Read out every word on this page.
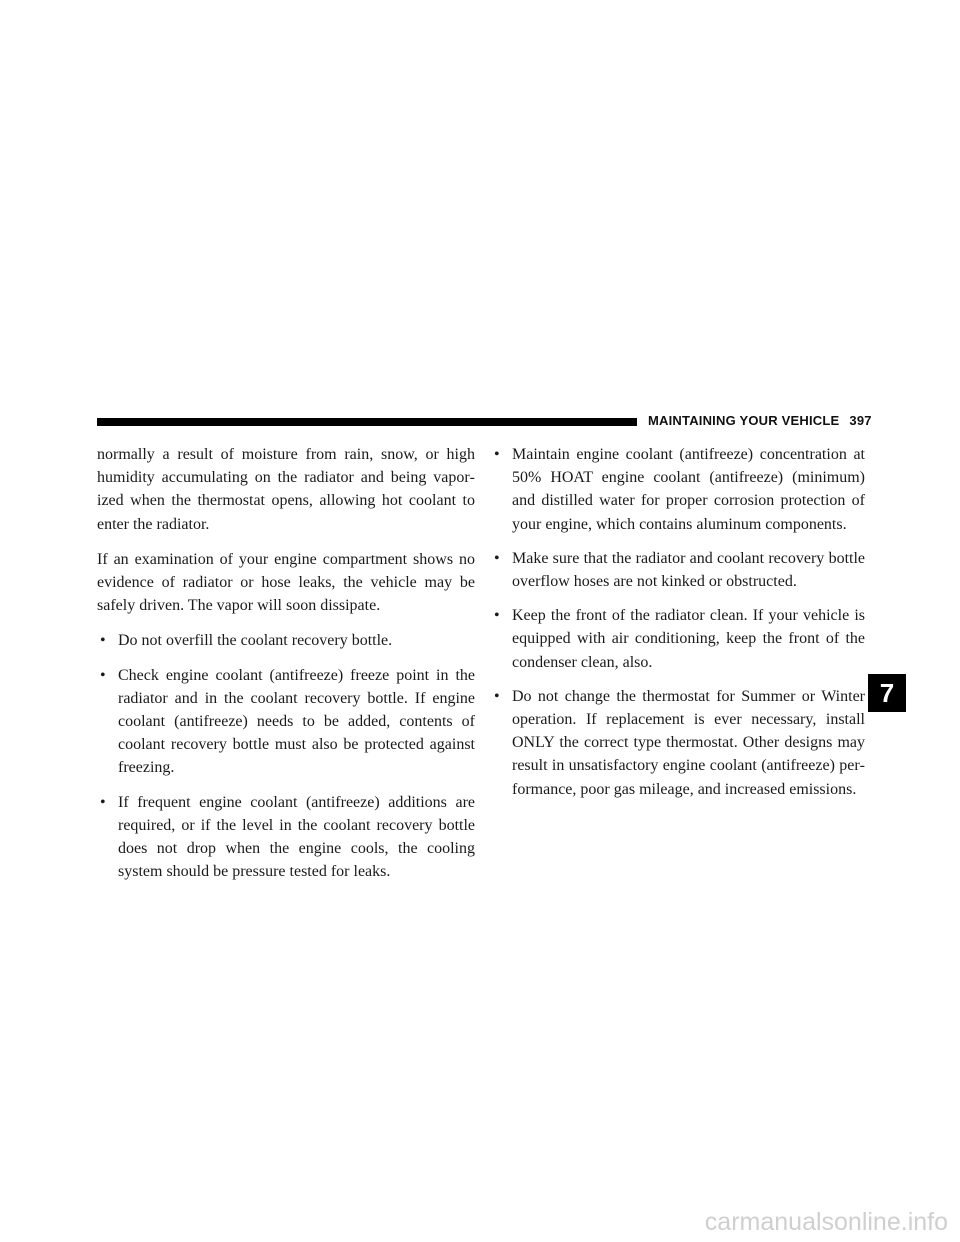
MAINTAINING YOUR VEHICLE 397

normally a result of moisture from rain, snow, or high humidity accumulating on the radiator and being vaporized when the thermostat opens, allowing hot coolant to enter the radiator.

If an examination of your engine compartment shows no evidence of radiator or hose leaks, the vehicle may be safely driven. The vapor will soon dissipate.

• Do not overfill the coolant recovery bottle.
• Check engine coolant (antifreeze) freeze point in the radiator and in the coolant recovery bottle. If engine coolant (antifreeze) needs to be added, contents of coolant recovery bottle must also be protected against freezing.
• If frequent engine coolant (antifreeze) additions are required, or if the level in the coolant recovery bottle does not drop when the engine cools, the cooling system should be pressure tested for leaks.
• Maintain engine coolant (antifreeze) concentration at 50% HOAT engine coolant (antifreeze) (minimum) and distilled water for proper corrosion protection of your engine, which contains aluminum components.
• Make sure that the radiator and coolant recovery bottle overflow hoses are not kinked or obstructed.
• Keep the front of the radiator clean. If your vehicle is equipped with air conditioning, keep the front of the condenser clean, also.
• Do not change the thermostat for Summer or Winter operation. If replacement is ever necessary, install ONLY the correct type thermostat. Other designs may result in unsatisfactory engine coolant (antifreeze) performance, poor gas mileage, and increased emissions.
7
carmanualsonline.info
